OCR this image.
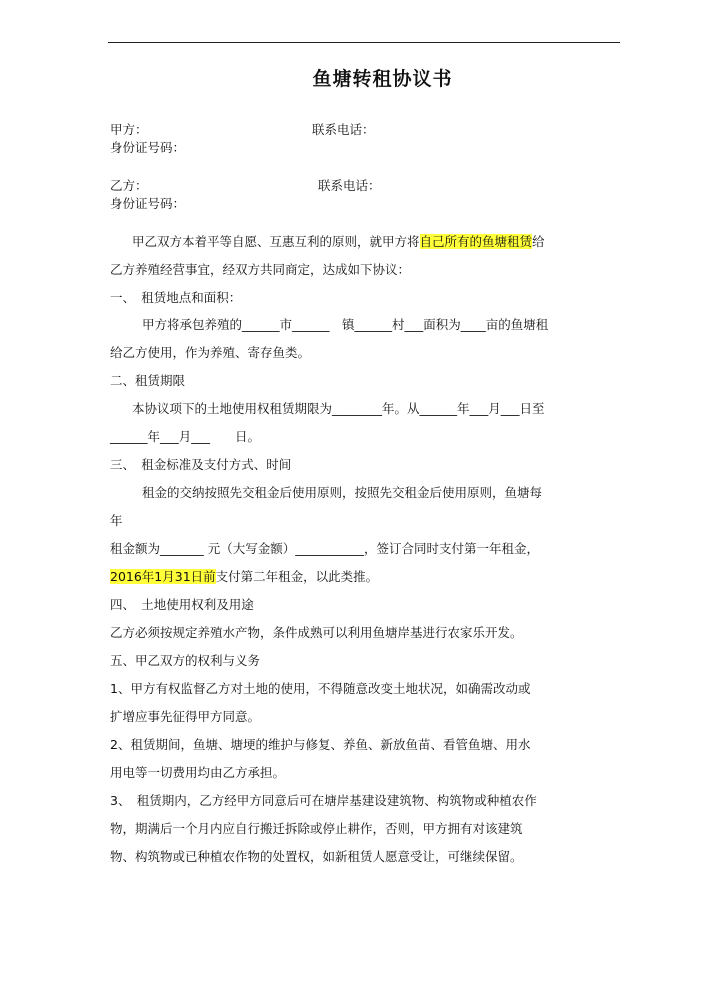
鱼塘转租协议书
甲方：	联系电话：
身份证号码：
乙方：	联系电话：
身份证号码：
甲乙双方本着平等自愿、互惠互利的原则，就甲方将自己所有的鱼塘租赁给
乙方养殖经营事宜，经双方共同商定，达成如下协议：
一、　租赁地点和面积：
甲方将承包养殖的______市______　镇______村___面积为____亩的鱼塘租
给乙方使用，作为养殖、寄存鱼类。
二、租赁期限
本协议项下的土地使用权租赁期限为________年。从______年___月___日至
______年___月___　　日。
三、　租金标准及支付方式、时间
租金的交纳按照先交租金后使用原则，按照先交租金后使用原则，鱼塘每
年
租金额为_______ 元（大写金额）___________，签订合同时支付第一年租金，
2016年1月31日前支付第二年租金，以此类推。
四、　土地使用权利及用途
乙方必须按规定养殖水产物，条件成熟可以利用鱼塘岸基进行农家乐开发。
五、甲乙双方的权利与义务
1、甲方有权监督乙方对土地的使用，不得随意改变土地状况，如确需改动或
扩增应事先征得甲方同意。
2、租赁期间，鱼塘、塘埂的维护与修复、养鱼、新放鱼苗、看管鱼塘、用水
用电等一切费用均由乙方承担。
3、　租赁期内，乙方经甲方同意后可在塘岸基建设建筑物、构筑物或种植农作
物，期满后一个月内应自行搬迁拆除或停止耕作，否则，甲方拥有对该建筑
物、构筑物或已种植农作物的处置权，如新租赁人愿意受让，可继续保留。
